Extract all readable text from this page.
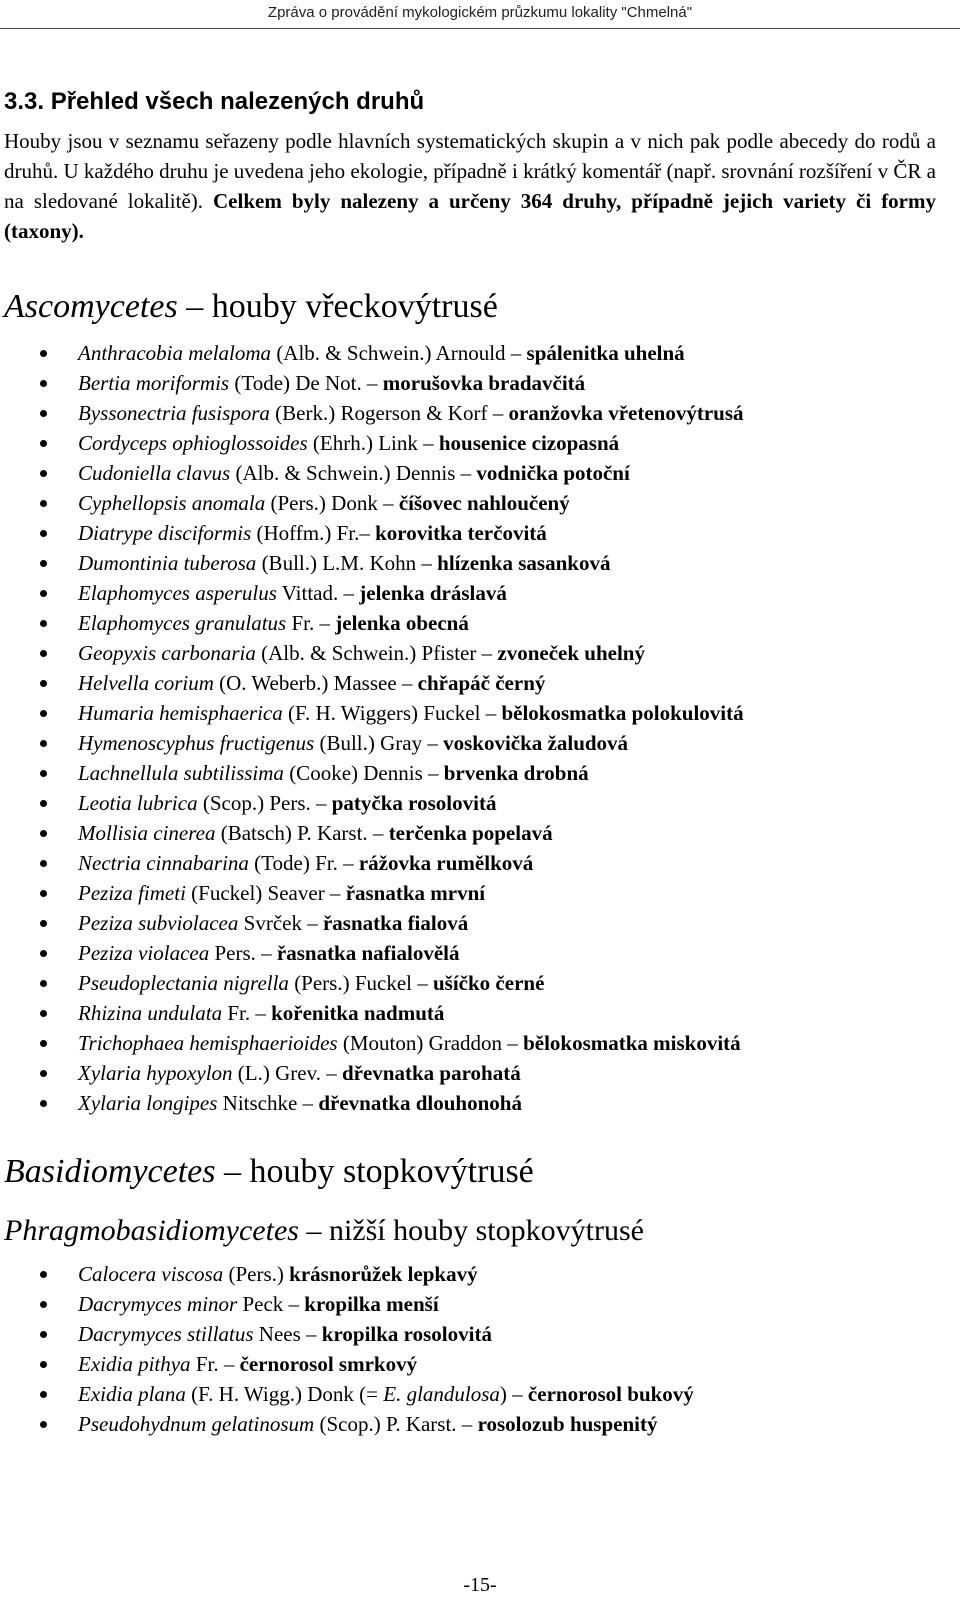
Zpráva o provádění mykologickém průzkumu lokality "Chmelná"
3.3. Přehled všech nalezených druhů

Houby jsou v seznamu seřazeny podle hlavních systematických skupin a v nich pak podle abecedy do rodů a druhů. U každého druhu je uvedena jeho ekologie, případně i krátký komentář (např. srovnání rozšíření v ČR a na sledované lokalitě). Celkem byly nalezeny a určeny 364 druhy, případně jejich variety či formy (taxony).

Ascomycetes – houby vřeckovýtrusé
Anthracobia melaloma (Alb. & Schwein.) Arnould – spálenitka uhelná
Bertia moriformis (Tode) De Not. – morušovka bradavčitá
Byssonectria fusispora (Berk.) Rogerson & Korf – oranžovka vřetenovýtrusá
Cordyceps ophioglossoides (Ehrh.) Link – housenice cizopasná
Cudoniella clavus (Alb. & Schwein.) Dennis – vodnička potoční
Cyphellopsis anomala (Pers.) Donk – číšovec nahloučený
Diatrype disciformis (Hoffm.) Fr.– korovitka terčovitá
Dumontinia tuberosa (Bull.) L.M. Kohn – hlízenka sasanková
Elaphomyces asperulus Vittad. – jelenka dráslavá
Elaphomyces granulatus Fr. – jelenka obecná
Geopyxis carbonaria (Alb. & Schwein.) Pfister – zvoneček uhelný
Helvella corium (O. Weberb.) Massee – chřapáč černý
Humaria hemisphaerica (F. H. Wiggers) Fuckel – bělokosmatka polokulovitá
Hymenoscyphus fructigenus (Bull.) Gray – voskovička žaludová
Lachnellula subtilissima (Cooke) Dennis – brvenka drobná
Leotia lubrica (Scop.) Pers. – patyčka rosolovitá
Mollisia cinerea (Batsch) P. Karst. – terčenka popelavá
Nectria cinnabarina (Tode) Fr. – rážovka rumělková
Peziza fimeti (Fuckel) Seaver – řasnatka mrvní
Peziza subviolacea Svrček – řasnatka fialová
Peziza violacea Pers. – řasnatka nafialovělá
Pseudoplectania nigrella (Pers.) Fuckel – ušíčko černé
Rhizina undulata Fr. – kořenitka nadmutá
Trichophaea hemisphaerioides (Mouton) Graddon – bělokosmatka miskovitá
Xylaria hypoxylon (L.) Grev. – dřevnatka parohatá
Xylaria longipes Nitschke – dřevnatka dlouhonohá
Basidiomycetes – houby stopkovýtrusé
Phragmobasidiomycetes – nižší houby stopkovýtrusé
Calocera viscosa (Pers.) krásnorůžek lepkavý
Dacrymyces minor Peck – kropilka menší
Dacrymyces stillatus Nees – kropilka rosolovitá
Exidia pithya Fr. – černorosol smrkový
Exidia plana (F. H. Wigg.) Donk (= E. glandulosa) – černorosol bukový
Pseudohydnum gelatinosum (Scop.) P. Karst. – rosolozub huspenitý
-15-
